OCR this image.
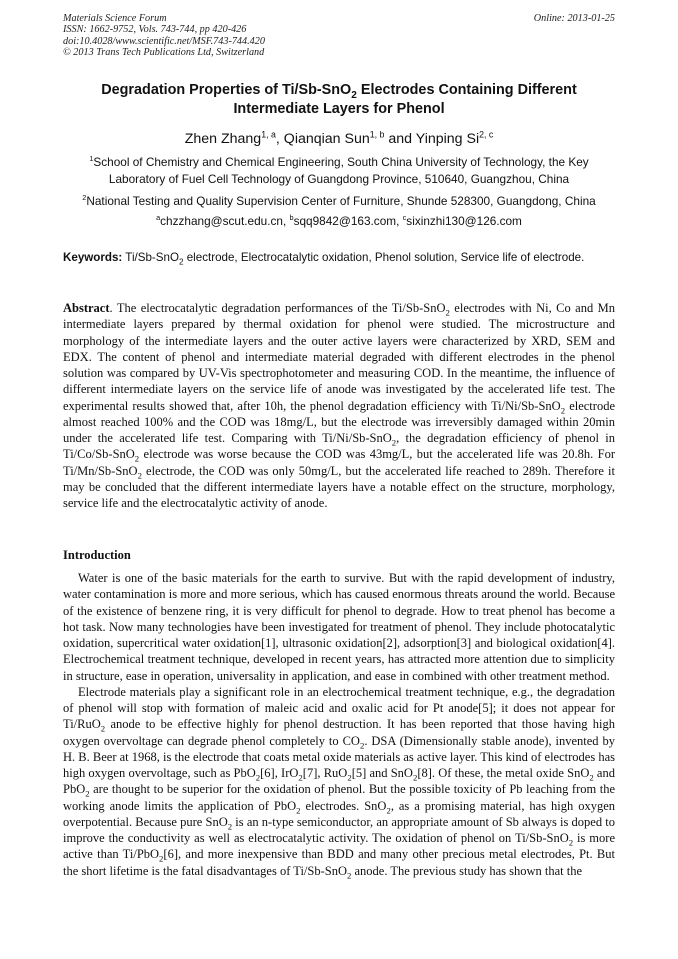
Materials Science Forum
ISSN: 1662-9752, Vols. 743-744, pp 420-426
doi:10.4028/www.scientific.net/MSF.743-744.420
© 2013 Trans Tech Publications Ltd, Switzerland
Online: 2013-01-25
Degradation Properties of Ti/Sb-SnO$_2$ Electrodes Containing Different Intermediate Layers for Phenol
Zhen Zhang$^{1, a}$, Qianqian Sun$^{1, b}$ and Yinping Si$^{2, c}$
$^1$School of Chemistry and Chemical Engineering, South China University of Technology, the Key Laboratory of Fuel Cell Technology of Guangdong Province, 510640, Guangzhou, China
$^2$National Testing and Quality Supervision Center of Furniture, Shunde 528300, Guangdong, China
$^a$chzzhang@scut.edu.cn, $^b$sqq9842@163.com, $^c$sixinzhi130@126.com
Keywords: Ti/Sb-SnO$_2$ electrode, Electrocatalytic oxidation, Phenol solution, Service life of electrode.
Abstract. The electrocatalytic degradation performances of the Ti/Sb-SnO$_2$ electrodes with Ni, Co and Mn intermediate layers prepared by thermal oxidation for phenol were studied. The microstructure and morphology of the intermediate layers and the outer active layers were characterized by XRD, SEM and EDX. The content of phenol and intermediate material degraded with different electrodes in the phenol solution was compared by UV-Vis spectrophotometer and measuring COD. In the meantime, the influence of different intermediate layers on the service life of anode was investigated by the accelerated life test. The experimental results showed that, after 10h, the phenol degradation efficiency with Ti/Ni/Sb-SnO$_2$ electrode almost reached 100% and the COD was 18mg/L, but the electrode was irreversibly damaged within 20min under the accelerated life test. Comparing with Ti/Ni/Sb-SnO$_2$, the degradation efficiency of phenol in Ti/Co/Sb-SnO$_2$ electrode was worse because the COD was 43mg/L, but the accelerated life was 20.8h. For Ti/Mn/Sb-SnO$_2$ electrode, the COD was only 50mg/L, but the accelerated life reached to 289h. Therefore it may be concluded that the different intermediate layers have a notable effect on the structure, morphology, service life and the electrocatalytic activity of anode.
Introduction

Water is one of the basic materials for the earth to survive. But with the rapid development of industry, water contamination is more and more serious, which has caused enormous threats around the world. Because of the existence of benzene ring, it is very difficult for phenol to degrade. How to treat phenol has become a hot task. Now many technologies have been investigated for treatment of phenol. They include photocatalytic oxidation, supercritical water oxidation[1], ultrasonic oxidation[2], adsorption[3] and biological oxidation[4]. Electrochemical treatment technique, developed in recent years, has attracted more attention due to simplicity in structure, ease in operation, universality in application, and ease in combined with other treatment method.

Electrode materials play a significant role in an electrochemical treatment technique, e.g., the degradation of phenol will stop with formation of maleic acid and oxalic acid for Pt anode[5]; it does not appear for Ti/RuO$_2$ anode to be effective highly for phenol destruction. It has been reported that those having high oxygen overvoltage can degrade phenol completely to $CO_2$. DSA (Dimensionally stable anode), invented by H. B. Beer at 1968, is the electrode that coats metal oxide materials as active layer. This kind of electrodes has high oxygen overvoltage, such as PbO$_2$[6], IrO$_2$[7], RuO$_2$[5] and SnO$_2$[8]. Of these, the metal oxide SnO$_2$ and PbO$_2$ are thought to be superior for the oxidation of phenol. But the possible toxicity of Pb leaching from the working anode limits the application of PbO$_2$ electrodes. SnO$_2$, as a promising material, has high oxygen overpotential. Because pure SnO$_2$ is an n-type semiconductor, an appropriate amount of Sb always is doped to improve the conductivity as well as electrocatalytic activity. The oxidation of phenol on Ti/Sb-SnO$_2$ is more active than Ti/PbO$_2$[6], and more inexpensive than BDD and many other precious metal electrodes, Pt. But the short lifetime is the fatal disadvantages of Ti/Sb-SnO$_2$ anode. The previous study has shown that the
